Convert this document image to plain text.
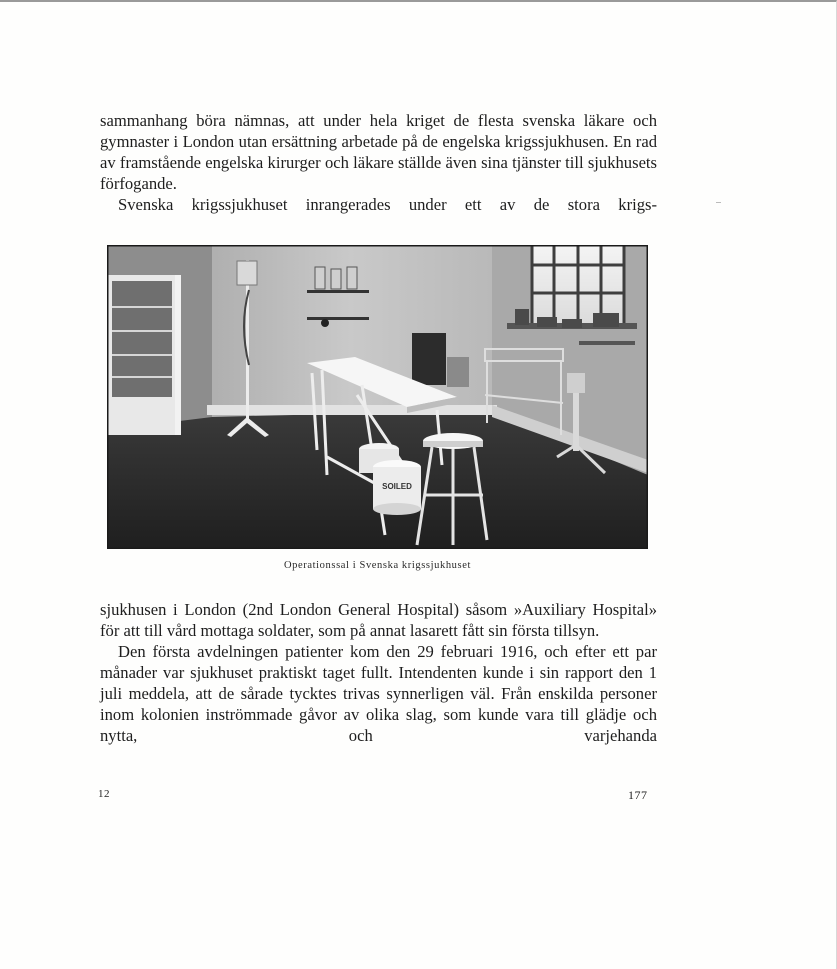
sammanhang böra nämnas, att under hela kriget de flesta svenska läkare och gymnaster i London utan ersättning arbetade på de engelska krigssjukhusen. En rad av framstående engelska kirurger och läkare ställde även sina tjänster till sjukhusets förfogande.

Svenska krigssjukhuset inrangerades under ett av de stora krigs-

SOILED
Operationssal i Svenska krigssjukhuset

sjukhusen i London (2nd London General Hospital) såsom »Auxiliary Hospital» för att till vård mottaga soldater, som på annat lasarett fått sin första tillsyn.

Den första avdelningen patienter kom den 29 februari 1916, och efter ett par månader var sjukhuset praktiskt taget fullt. Intendenten kunde i sin rapport den 1 juli meddela, att de sårade tycktes trivas synnerligen väl. Från enskilda personer inom kolonien inströmmade gåvor av olika slag, som kunde vara till glädje och nytta, och varjehanda

12	177
